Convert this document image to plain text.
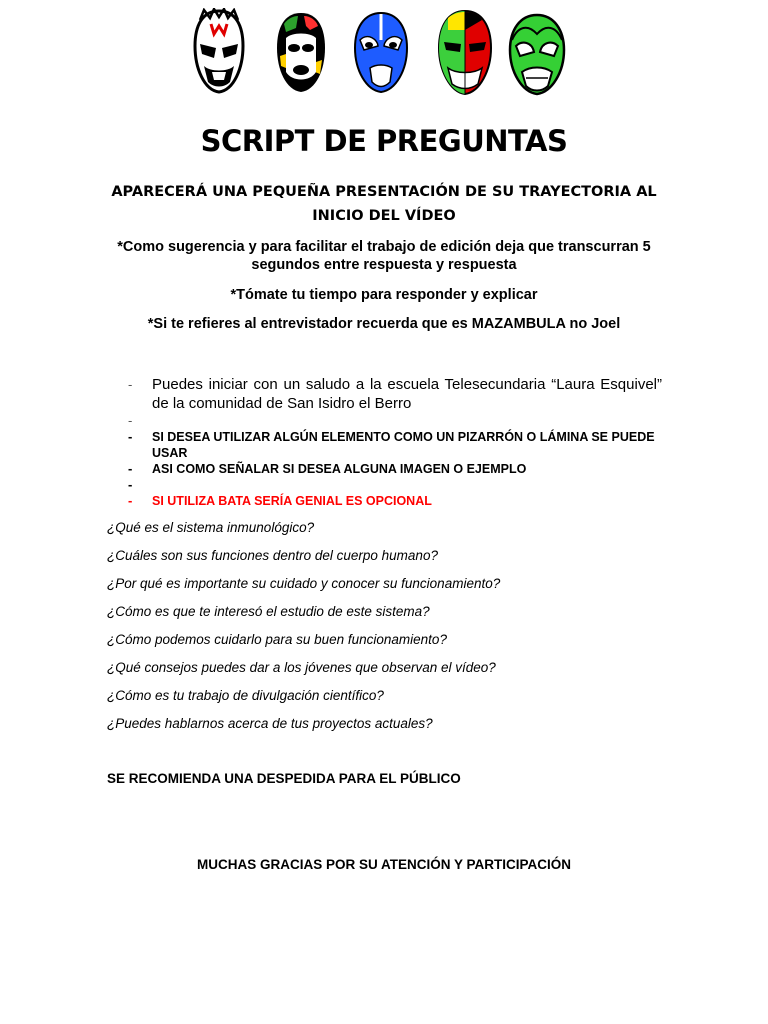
SCRIPT DE PREGUNTAS
APARECERÁ UNA PEQUEÑA PRESENTACIÓN DE SU TRAYECTORIA AL INICIO DEL VÍDEO
*Como sugerencia y para facilitar el trabajo de edición deja que transcurran 5 segundos entre respuesta y respuesta
*Tómate tu tiempo para responder y explicar
*Si te refieres al entrevistador recuerda que es MAZAMBULA no Joel
- Puedes iniciar con un saludo a la escuela Telesecundaria “Laura Esquivel” de la comunidad de San Isidro el Berro
-
- SI DESEA UTILIZAR ALGÚN ELEMENTO COMO UN PIZARRÓN O LÁMINA SE PUEDE USAR
- ASI COMO SEÑALAR SI DESEA ALGUNA IMAGEN O EJEMPLO
-
- SI UTILIZA BATA SERÍA GENIAL ES OPCIONAL
¿Qué es el sistema inmunológico?
¿Cuáles son sus funciones dentro del cuerpo humano?
¿Por qué es importante su cuidado y conocer su funcionamiento?
¿Cómo es que te interesó el estudio de este sistema?
¿Cómo podemos cuidarlo para su buen funcionamiento?
¿Qué consejos puedes dar a los jóvenes que observan el vídeo?
¿Cómo es tu trabajo de divulgación científico?
¿Puedes hablarnos acerca de tus proyectos actuales?
SE RECOMIENDA UNA DESPEDIDA PARA EL PÚBLICO
MUCHAS GRACIAS POR SU ATENCIÓN Y PARTICIPACIÓN
